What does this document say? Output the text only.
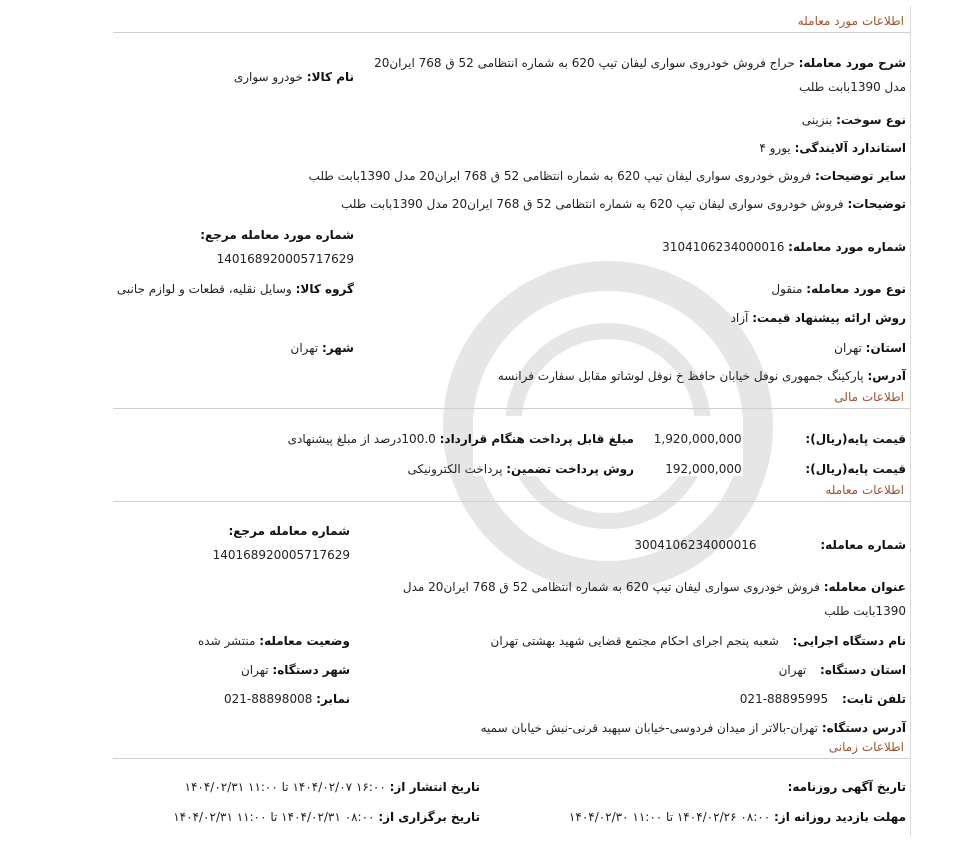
اطلاعات مورد معامله
شرح مورد معامله: حراج فروش خودروی سواری لیفان تیپ 620 به شماره انتظامی 52 ق 768 ایران20
مدل 1390بابت طلب
نام کالا: خودرو سواری
نوع سوخت: بنزینی
استاندارد آلایندگی: یورو ۴
سایر توضیحات: فروش خودروی سواری لیفان تیپ 620 به شماره انتظامی 52 ق 768 ایران20 مدل 1390بابت طلب
توضیحات: فروش خودروی سواری لیفان تیپ 620 به شماره انتظامی 52 ق 768 ایران20 مدل 1390بابت طلب
شماره مورد معامله مرجع:
14016892000571762‌9
شماره مورد معامله: 3104106234000016
نوع مورد معامله: منقول
گروه کالا: وسایل نقلیه، قطعات و لوازم جانبی
روش ارائه پیشنهاد قیمت: آزاد
استان: تهران
شهر: تهران
آدرس: پارکینگ جمهوری نوفل خیابان حافظ خ نوفل لوشاتو مقابل سفارت فرانسه
اطلاعات مالی
قیمت پایه(ریال): 1,920,000,000
مبلغ قابل پرداخت هنگام قرارداد: 100.0درصد از مبلغ پیشنهادی
قیمت پایه(ریال): 192,000,000
روش پرداخت تضمین: پرداخت الکترونیکی
اطلاعات معامله
شماره معامله مرجع:
14016892000571762‌9
شماره معامله: 3004106234000016
عنوان معامله: فروش خودروی سواری لیفان تیپ 620 به شماره انتظامی 52 ق 768 ایران20 مدل
1390بابت طلب
نام دستگاه اجرایی: شعبه پنجم اجرای احکام مجتمع قضایی شهید بهشتی تهران
وضعیت معامله: منتشر شده
استان دستگاه: تهران
شهر دستگاه: تهران
تلفن ثابت: 88895995-021
نمابر: 88898008-021
آدرس دستگاه: تهران-بالاتر از میدان فردوسی-خیابان سپهبد قرنی-نبش خیابان سمیه
اطلاعات زمانی
تاریخ آگهی روزنامه:
تاریخ انتشار از: ۱۶:۰۰ ۱۴۰۴/۰۲/۰۷ تا ۱۱:۰۰ ۱۴۰۴/۰۲/۳۱
مهلت بازدید روزانه از: ۰۸:۰۰ ۱۴۰۴/۰۲/۲۶ تا ۱۱:۰۰ ۱۴۰۴/۰۲/۳۰
تاریخ برگزاری از: ۰۸:۰۰ ۱۴۰۴/۰۲/۳۱ تا ۱۱:۰۰ ۱۴۰۴/۰۲/۳۱
